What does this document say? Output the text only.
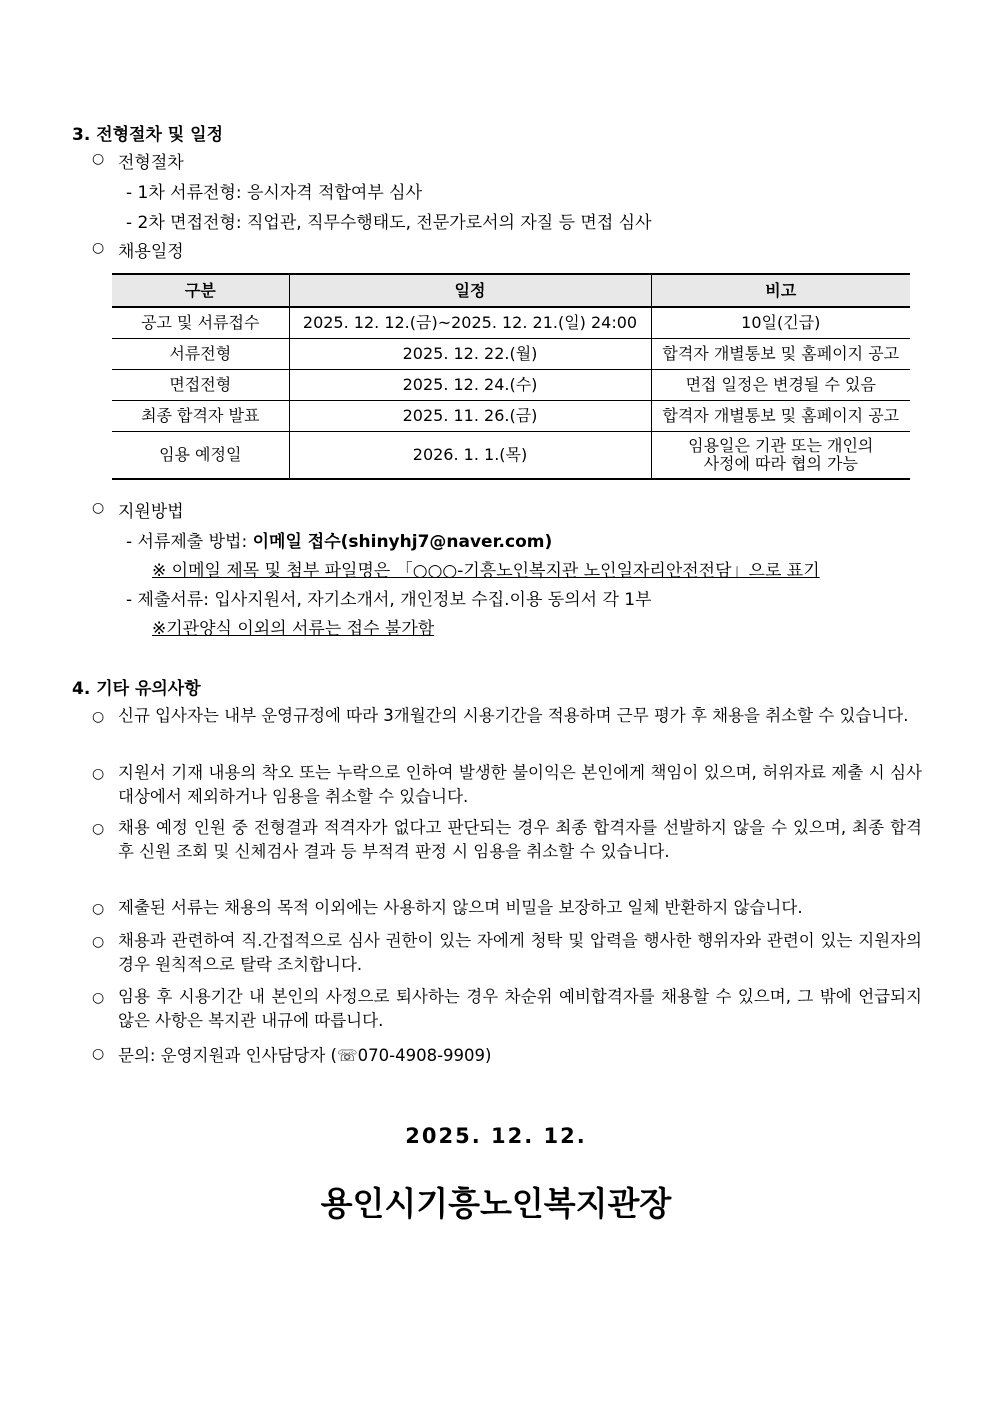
3. 전형절차 및 일정
○ 전형절차
- 1차 서류전형: 응시자격 적합여부 심사
- 2차 면접전형: 직업관, 직무수행태도, 전문가로서의 자질 등 면접 심사
○ 채용일정
구분	일정	비고
공고 및 서류접수	2025. 12. 12.(금)~2025. 12. 21.(일) 24:00	10일(긴급)
서류전형	2025. 12. 22.(월)	합격자 개별통보 및 홈페이지 공고
면접전형	2025. 12. 24.(수)	면접 일정은 변경될 수 있음
최종 합격자 발표	2025. 11. 26.(금)	합격자 개별통보 및 홈페이지 공고
임용 예정일	2026. 1. 1.(목)	임용일은 기관 또는 개인의
사정에 따라 협의 가능
○ 지원방법
- 서류제출 방법: 이메일 접수(shinyhj7@naver.com)
※ 이메일 제목 및 첨부 파일명은 「○○○-기흥노인복지관 노인일자리안전전담」으로 표기
- 제출서류: 입사지원서, 자기소개서, 개인정보 수집.이용 동의서 각 1부
※기관양식 이외의 서류는 접수 불가함
4. 기타 유의사항
○ 신규 입사자는 내부 운영규정에 따라 3개월간의 시용기간을 적용하며 근무 평가 후 채용을 취소할 수 있습니다.
○ 지원서 기재 내용의 착오 또는 누락으로 인하여 발생한 불이익은 본인에게 책임이 있으며, 허위자료 제출 시 심사대상에서 제외하거나 임용을 취소할 수 있습니다.
○ 채용 예정 인원 중 전형결과 적격자가 없다고 판단되는 경우 최종 합격자를 선발하지 않을 수 있으며, 최종 합격 후 신원 조회 및 신체검사 결과 등 부적격 판정 시 임용을 취소할 수 있습니다.
○ 제출된 서류는 채용의 목적 이외에는 사용하지 않으며 비밀을 보장하고 일체 반환하지 않습니다.
○ 채용과 관련하여 직.간접적으로 심사 권한이 있는 자에게 청탁 및 압력을 행사한 행위자와 관련이 있는 지원자의 경우 원칙적으로 탈락 조치합니다.
○ 임용 후 시용기간 내 본인의 사정으로 퇴사하는 경우 차순위 예비합격자를 채용할 수 있으며, 그 밖에 언급되지 않은 사항은 복지관 내규에 따릅니다.
○ 문의: 운영지원과 인사담당자 (☏070-4908-9909)
2025. 12. 12.
용인시기흥노인복지관장
